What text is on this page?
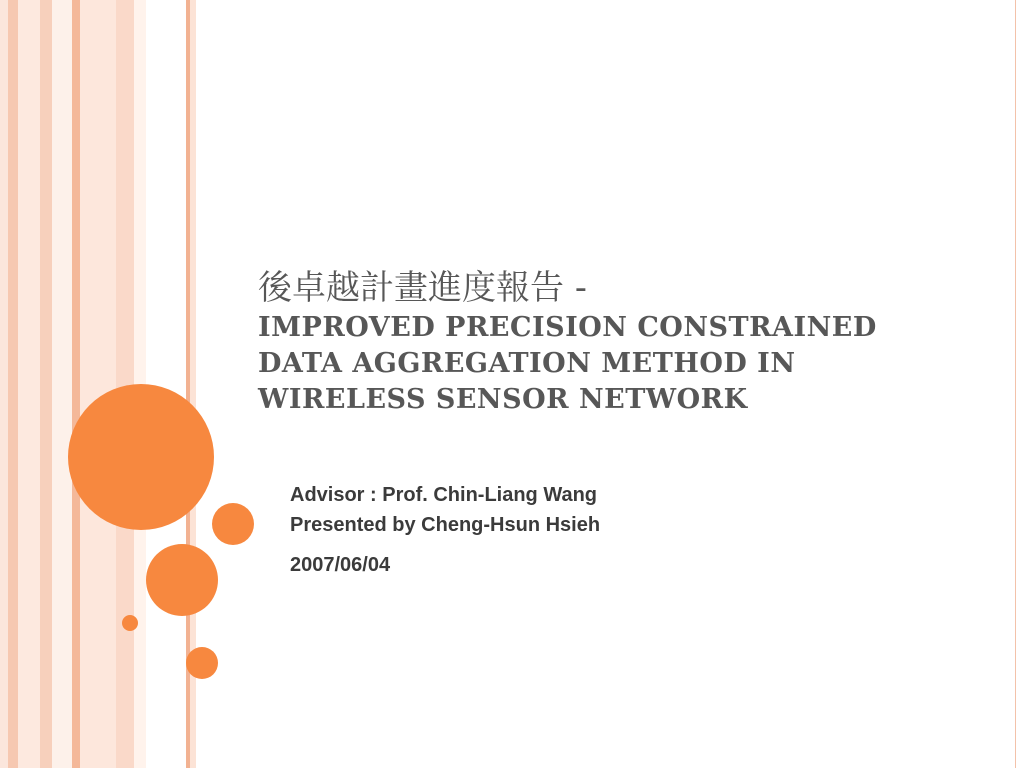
後卓越計畫進度報告 -
IMPROVED PRECISION CONSTRAINED
DATA AGGREGATION METHOD IN
WIRELESS SENSOR NETWORK
Advisor : Prof. Chin-Liang Wang
Presented by Cheng-Hsun Hsieh
2007/06/04
